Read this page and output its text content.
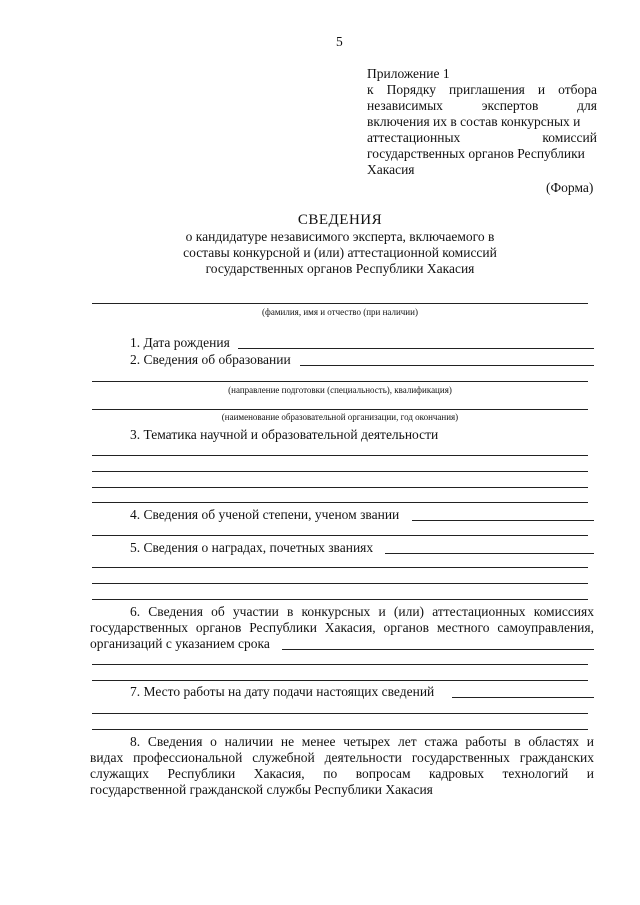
5
Приложение 1
к Порядку приглашения и отбора
независимых	экспертов	для
включения их в состав конкурсных и
аттестационных	комиссий
государственных органов Республики
Хакасия
(Форма)
СВЕДЕНИЯ
о кандидатуре независимого эксперта, включаемого в
составы конкурсной и (или) аттестационной комиссий
государственных органов Республики Хакасия
(фамилия, имя и отчество (при наличии)
1. Дата рождения
2. Сведения об образовании
(направление подготовки (специальность), квалификация)
(наименование образовательной организации, год окончания)
3. Тематика научной и образовательной деятельности
4. Сведения об ученой степени, ученом звании
5. Сведения о наградах, почетных званиях
6. Сведения об участии в конкурсных и (или) аттестационных комиссиях
государственных органов Республики Хакасия, органов местного самоуправления,
организаций с указанием срока
7. Место работы на дату подачи настоящих сведений
8. Сведения о наличии не менее четырех лет стажа работы в областях и
видах профессиональной служебной деятельности государственных гражданских
служащих Республики Хакасия, по вопросам кадровых технологий и
государственной гражданской службы Республики Хакасия
